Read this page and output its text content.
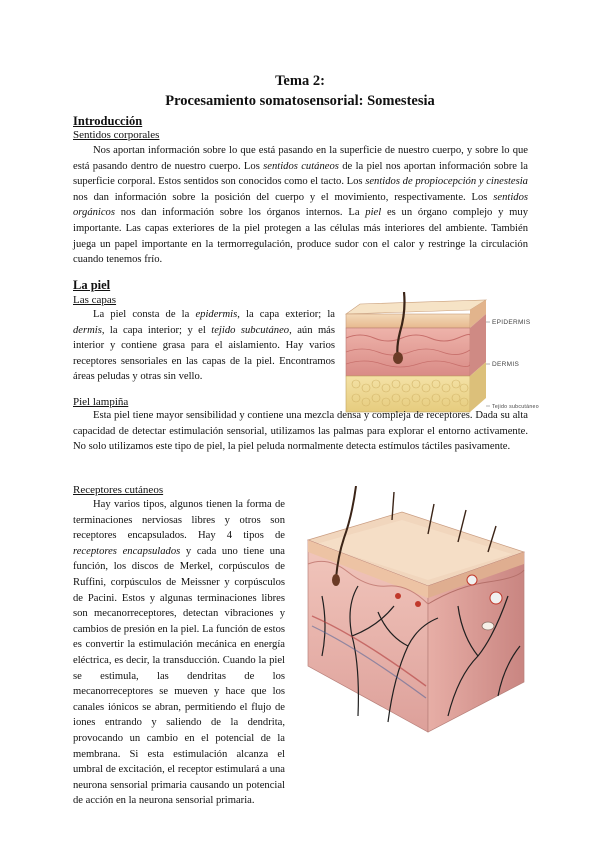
Tema 2:
Procesamiento somatosensorial: Somestesia
Introducción
Sentidos corporales
Nos aportan información sobre lo que está pasando en la superficie de nuestro cuerpo, y sobre lo que está pasando dentro de nuestro cuerpo. Los sentidos cutáneos de la piel nos aportan información sobre la superficie corporal. Estos sentidos son conocidos como el tacto. Los sentidos de propiocepción y cinestesia nos dan información sobre la posición del cuerpo y el movimiento, respectivamente. Los sentidos orgánicos nos dan información sobre los órganos internos. La piel es un órgano complejo y muy importante. Las capas exteriores de la piel protegen a las células más interiores del ambiente. También juega un papel importante en la termorregulación, produce sudor con el calor y restringe la circulación cuando tenemos frío.
La piel
Las capas
La piel consta de la epidermis, la capa exterior; la dermis, la capa interior; y el tejido subcutáneo, aún más interior y contiene grasa para el aislamiento. Hay varios receptores sensoriales en las capas de la piel. Encontramos áreas peludas y otras sin vello.
EPIDERMIS
DERMIS
Tejido subcutáneo
Piel lampiña
Esta piel tiene mayor sensibilidad y contiene una mezcla densa y compleja de receptores. Dada su alta capacidad de detectar estimulación sensorial, utilizamos las palmas para explorar el entorno activamente. No solo utilizamos este tipo de piel, la piel peluda normalmente detecta estímulos táctiles pasivamente.
Receptores cutáneos
Hay varios tipos, algunos tienen la forma de terminaciones nerviosas libres y otros son receptores encapsulados. Hay 4 tipos de receptores encapsulados y cada uno tiene una función, los discos de Merkel, corpúsculos de Ruffini, corpúsculos de Meissner y corpúsculos de Pacini. Estos y algunas terminaciones libres son mecanorreceptores, detectan vibraciones y cambios de presión en la piel. La función de estos es convertir la estimulación mecánica en energía eléctrica, es decir, la transducción. Cuando la piel se estimula, las dendritas de los mecanorreceptores se mueven y hace que los canales iónicos se abran, permitiendo el flujo de iones entrando y saliendo de la dendrita, provocando un cambio en el potencial de la membrana. Si esta estimulación alcanza el umbral de excitación, el receptor estimulará a una neurona sensorial primaria causando un potencial de acción en la neurona sensorial primaria.
